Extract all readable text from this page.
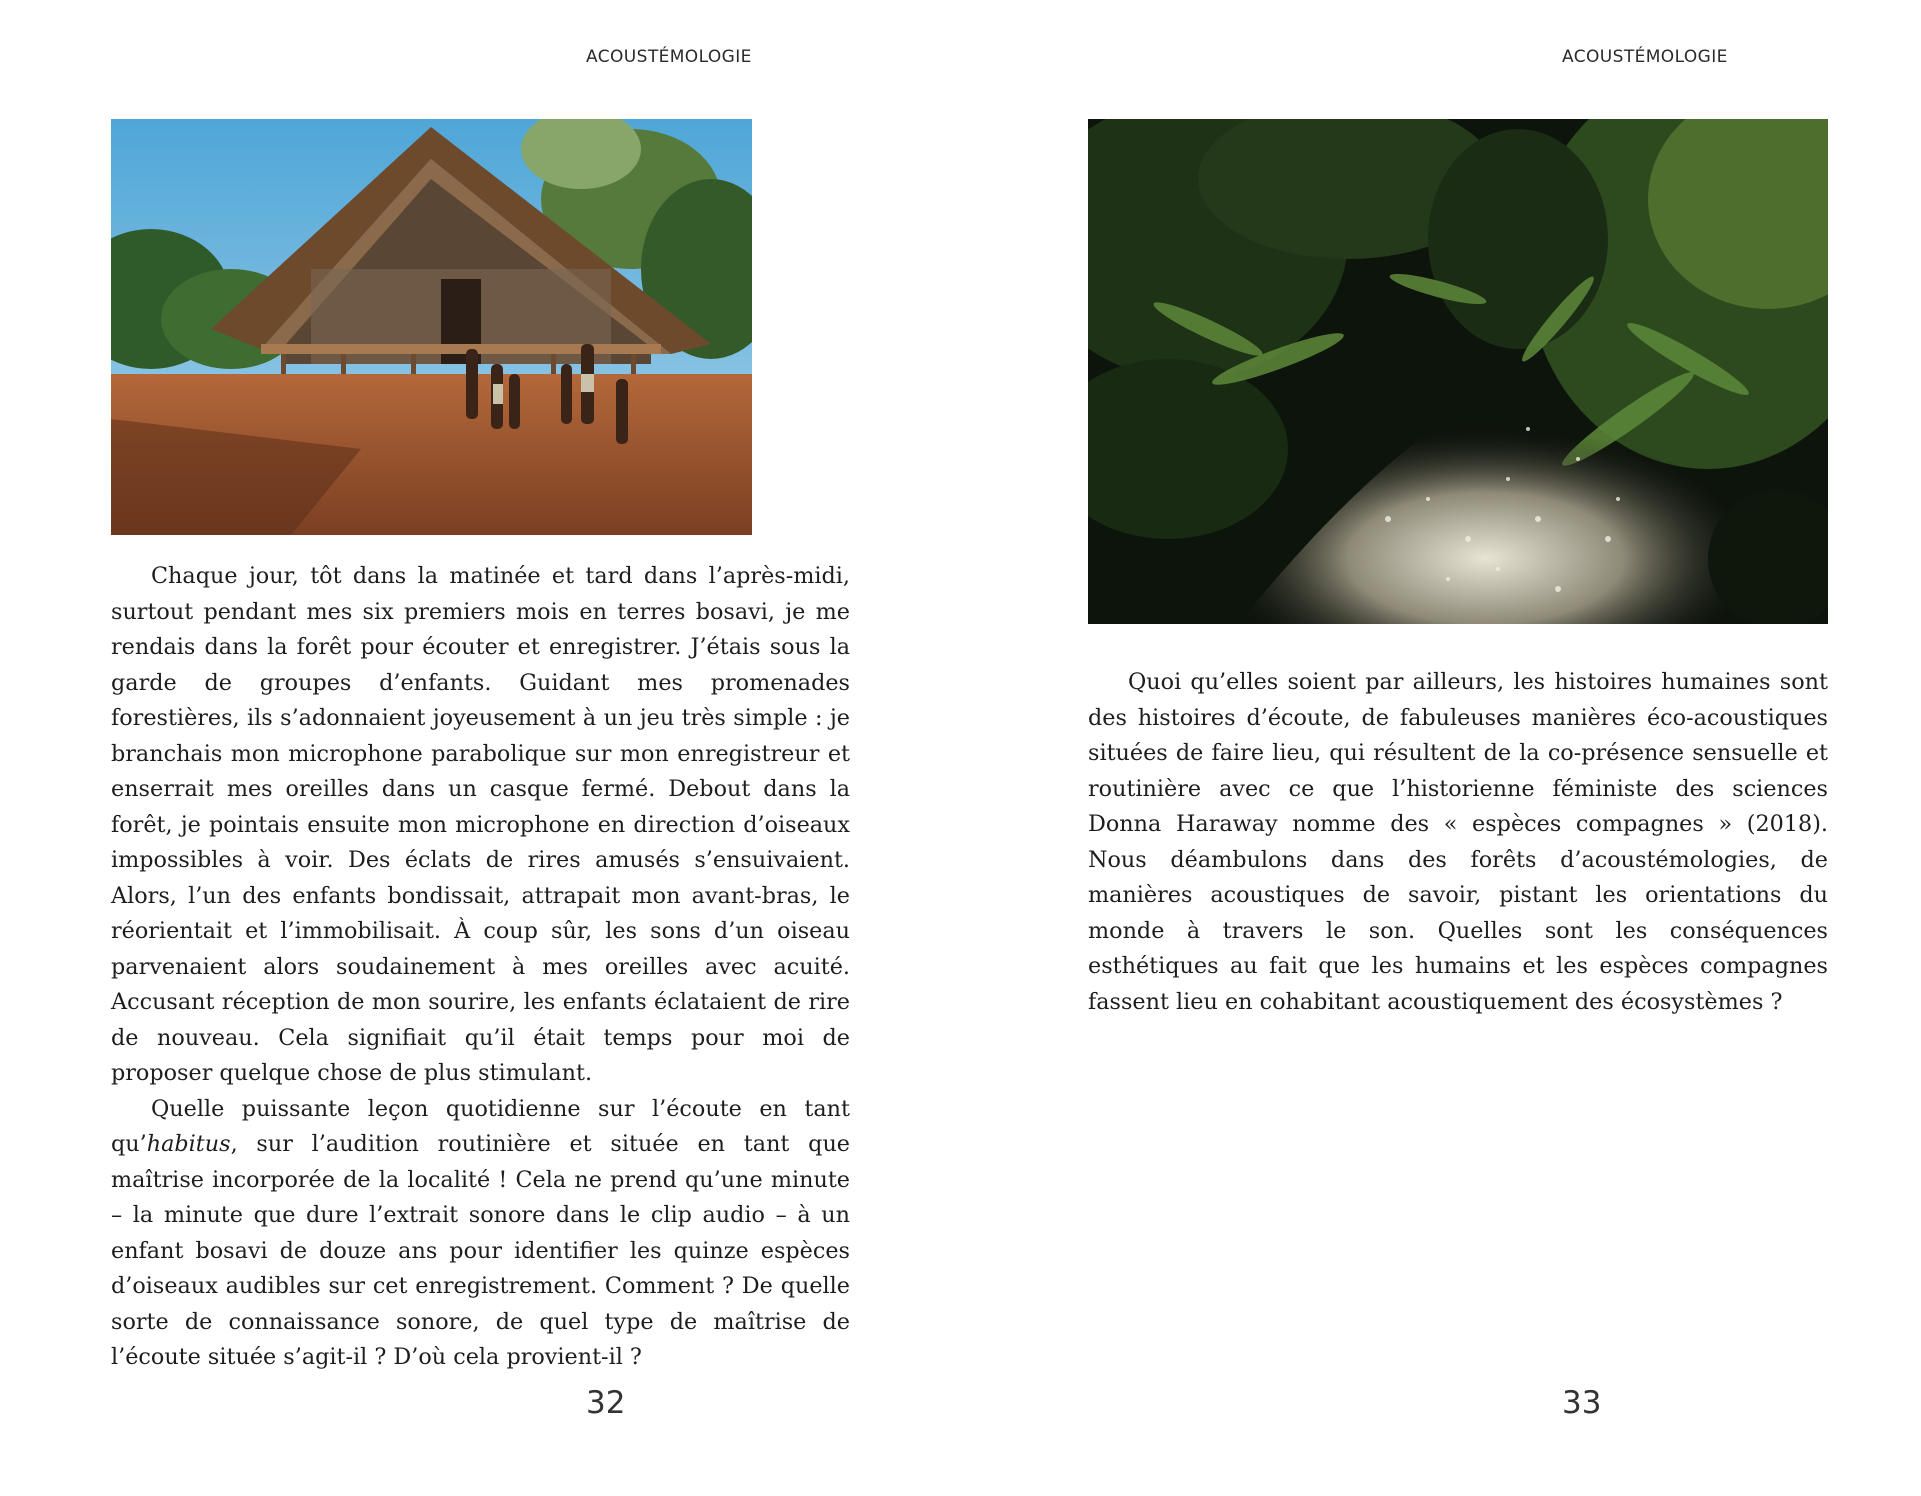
ACOUSTÉMOLOGIE

Chaque jour, tôt dans la matinée et tard dans l’après-midi, surtout pendant mes six premiers mois en terres bosavi, je me rendais dans la forêt pour écouter et enregistrer. J’étais sous la garde de groupes d’enfants. Guidant mes promenades forestières, ils s’adonnaient joyeusement à un jeu très simple : je branchais mon microphone parabolique sur mon enregistreur et enserrait mes oreilles dans un casque fermé. Debout dans la forêt, je pointais ensuite mon microphone en direction d’oiseaux impossibles à voir. Des éclats de rires amusés s’ensuivaient. Alors, l’un des enfants bondissait, attrapait mon avant-bras, le réorientait et l’immobilisait. À coup sûr, les sons d’un oiseau parvenaient alors soudainement à mes oreilles avec acuité. Accusant réception de mon sourire, les enfants éclataient de rire de nouveau. Cela signifiait qu’il était temps pour moi de proposer quelque chose de plus stimulant.

Quelle puissante leçon quotidienne sur l’écoute en tant qu’habitus, sur l’audition routinière et située en tant que maîtrise incorporée de la localité ! Cela ne prend qu’une minute – la minute que dure l’extrait sonore dans le clip audio – à un enfant bosavi de douze ans pour identifier les quinze espèces d’oiseaux audibles sur cet enregistrement. Comment ? De quelle sorte de connaissance sonore, de quel type de maîtrise de l’écoute située s’agit-il ? D’où cela provient-il ?

32
ACOUSTÉMOLOGIE

Quoi qu’elles soient par ailleurs, les histoires humaines sont des histoires d’écoute, de fabuleuses manières éco-acoustiques situées de faire lieu, qui résultent de la co-présence sensuelle et routinière avec ce que l’historienne féministe des sciences Donna Haraway nomme des « espèces compagnes » (2018). Nous déambulons dans des forêts d’acoustémologies, de manières acoustiques de savoir, pistant les orientations du monde à travers le son. Quelles sont les conséquences esthétiques au fait que les humains et les espèces compagnes fassent lieu en cohabitant acoustiquement des écosystèmes ?

33
